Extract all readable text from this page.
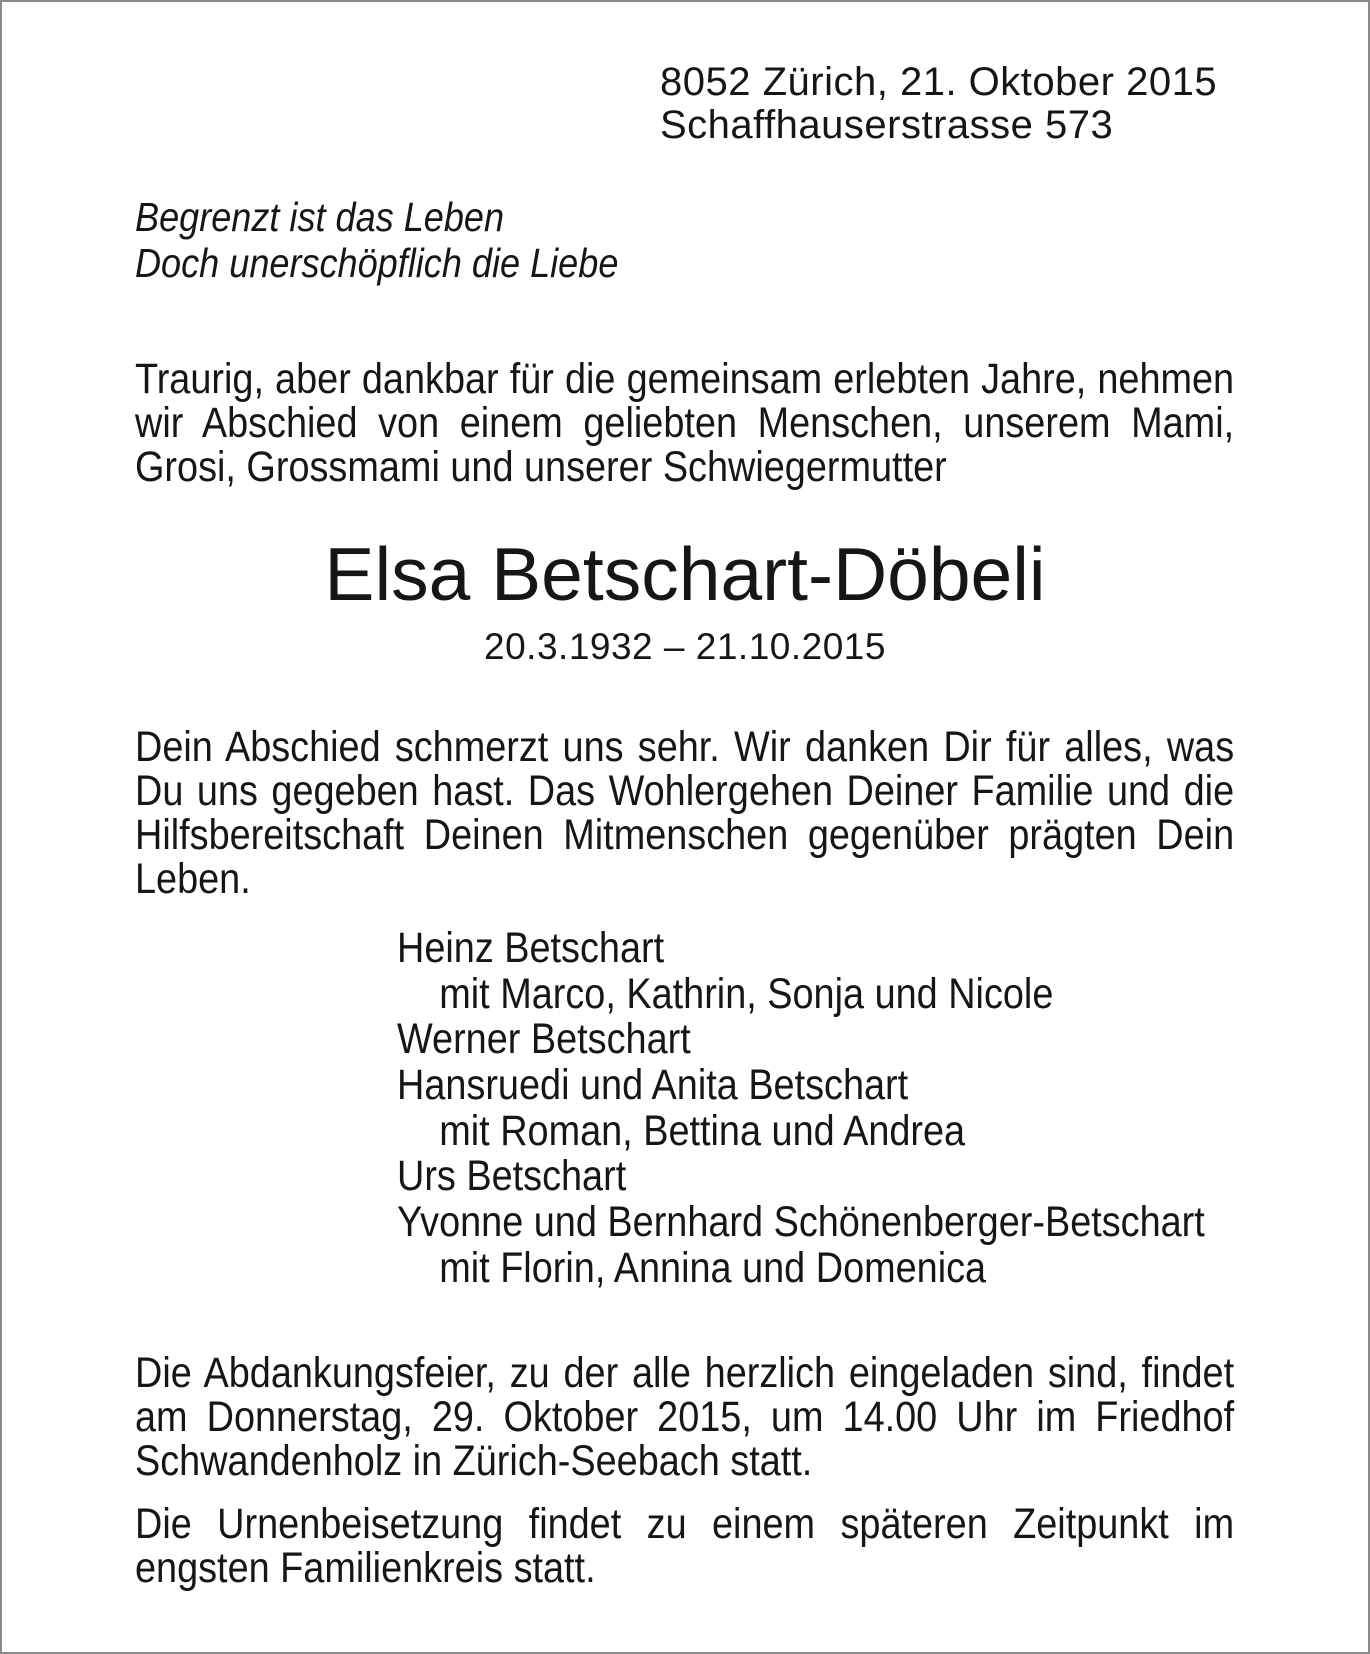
8052 Zürich, 21. Oktober 2015
Schaffhauserstrasse 573
Begrenzt ist das Leben
Doch unerschöpflich die Liebe
Traurig, aber dankbar für die gemeinsam erlebten Jahre, nehmen
wir Abschied von einem geliebten Menschen, unserem Mami,
Grosi, Grossmami und unserer Schwiegermutter
Elsa Betschart-Döbeli
20.3.1932 – 21.10.2015
Dein Abschied schmerzt uns sehr. Wir danken Dir für alles, was
Du uns gegeben hast. Das Wohlergehen Deiner Familie und die
Hilfsbereitschaft Deinen Mitmenschen gegenüber prägten Dein
Leben.
Heinz Betschart
mit Marco, Kathrin, Sonja und Nicole
Werner Betschart
Hansruedi und Anita Betschart
mit Roman, Bettina und Andrea
Urs Betschart
Yvonne und Bernhard Schönenberger-Betschart
mit Florin, Annina und Domenica
Die Abdankungsfeier, zu der alle herzlich eingeladen sind, findet
am Donnerstag, 29. Oktober 2015, um 14.00 Uhr im Friedhof
Schwandenholz in Zürich-Seebach statt.
Die Urnenbeisetzung findet zu einem späteren Zeitpunkt im
engsten Familienkreis statt.
